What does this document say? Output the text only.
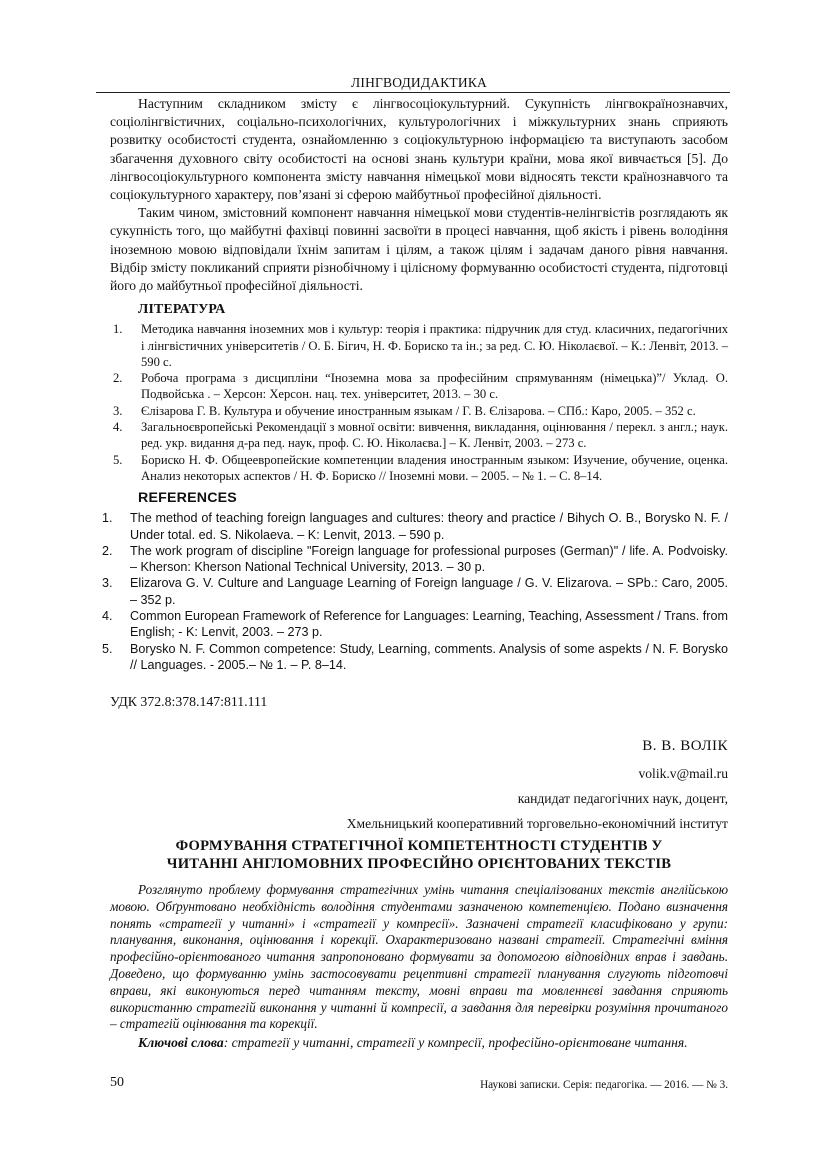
ЛІНГВОДИДАКТИКА

Наступним складником змісту є лінгвосоціокультурний. Сукупність лінгвокраїнознавчих, соціолінгвістичних, соціально-психологічних, культурологічних і міжкультурних знань сприяють розвитку особистості студента, ознайомленню з соціокультурною інформацією та виступають засобом збагачення духовного світу особистості на основі знань культури країни, мова якої вивчається [5]. До лінгвосоціокультурного компонента змісту навчання німецької мови відносять тексти країнознавчого та соціокультурного характеру, пов’язані зі сферою майбутньої професійної діяльності.

Таким чином, змістовний компонент навчання німецької мови студентів-нелінгвістів розглядають як сукупність того, що майбутні фахівці повинні засвоїти в процесі навчання, щоб якість і рівень володіння іноземною мовою відповідали їхнім запитам і цілям, а також цілям і задачам даного рівня навчання. Відбір змісту покликаний сприяти різнобічному і цілісному формуванню особистості студента, підготовці його до майбутньої професійної діяльності.

ЛІТЕРАТУРА
1.	Методика навчання іноземних мов і культур: теорія і практика: підручник для студ. класичних, педагогічних і лінгвістичних університетів / О. Б. Бігич, Н. Ф. Бориско та ін.; за ред. С. Ю. Ніколаєвої. – К.: Ленвіт, 2013. – 590 с.
2.	Робоча програма з дисципліни “Іноземна мова за професійним спрямуванням (німецька)”/ Уклад. О. Подвойська . – Херсон: Херсон. нац. тех. університет, 2013. – 30 с.
3.	Єлізарова Г. В. Культура и обучение иностранным языкам / Г. В. Єлізарова. – СПб.: Каро, 2005. – 352 с.
4.	Загальноєвропейські Рекомендації з мовної освіти: вивчення, викладання, оцінювання / перекл. з англ.; наук. ред. укр. видання д-ра пед. наук, проф. С. Ю. Ніколаєва.] – К. Ленвіт, 2003. – 273 с.
5.	Бориско Н. Ф. Общеевропейские компетенции владения иностранным языком: Изучение, обучение, оценка. Анализ некоторых аспектов / Н. Ф. Бориско // Іноземні мови. – 2005. – № 1. – С. 8–14.
REFERENCES
1.	The method of teaching foreign languages and cultures: theory and practice / Bihych O. B., Borysko N. F. / Under total. ed. S. Nikolaeva. – K: Lenvit, 2013. – 590 p.
2.	The work program of discipline "Foreign language for professional purposes (German)" / life. A. Podvoisky. – Kherson: Kherson National Technical University, 2013. – 30 p.
3.	Elizarova G. V. Culture and Language Learning of Foreign language / G. V. Elizarova. – SPb.: Caro, 2005. – 352 p.
4.	Common European Framework of Reference for Languages: Learning, Teaching, Assessment / Trans. from English; - K: Lenvit, 2003. – 273 p.
5.	Borysko N. F. Common competence: Study, Learning, comments. Analysis of some aspekts / N. F. Borysko // Languages. - 2005.– № 1. – P. 8–14.
УДК 372.8:378.147:811.111
В. В. ВОЛІК
volik.v@mail.ru
кандидат педагогічних наук, доцент,
Хмельницький кооперативний торговельно-економічний інститут
ФОРМУВАННЯ СТРАТЕГІЧНОЇ КОМПЕТЕНТНОСТІ СТУДЕНТІВ У
ЧИТАННІ АНГЛОМОВНИХ ПРОФЕСІЙНО ОРІЄНТОВАНИХ ТЕКСТІВ

Розглянуто проблему формування стратегічних умінь читання спеціалізованих текстів англійською мовою. Обґрунтовано необхідність володіння студентами зазначеною компетенцією. Подано визначення понять «стратегії у читанні» і «стратегії у компресії». Зазначені стратегії класифіковано у групи: планування, виконання, оцінювання і корекції. Охарактеризовано названі стратегії. Стратегічні вміння професійно-орієнтованого читання запропоновано формувати за допомогою відповідних вправ і завдань. Доведено, що формуванню умінь застосовувати рецептивні стратегії планування слугують підготовчі вправи, які виконуються перед читанням тексту, мовні вправи та мовленнєві завдання сприяють використанню стратегій виконання у читанні й компресії, а завдання для перевірки розуміння прочитаного – стратегій оцінювання та корекції.

Ключові слова: стратегії у читанні, стратегії у компресії, професійно-орієнтоване читання.

50	Наукові записки. Серія: педагогіка. — 2016. — № 3.
